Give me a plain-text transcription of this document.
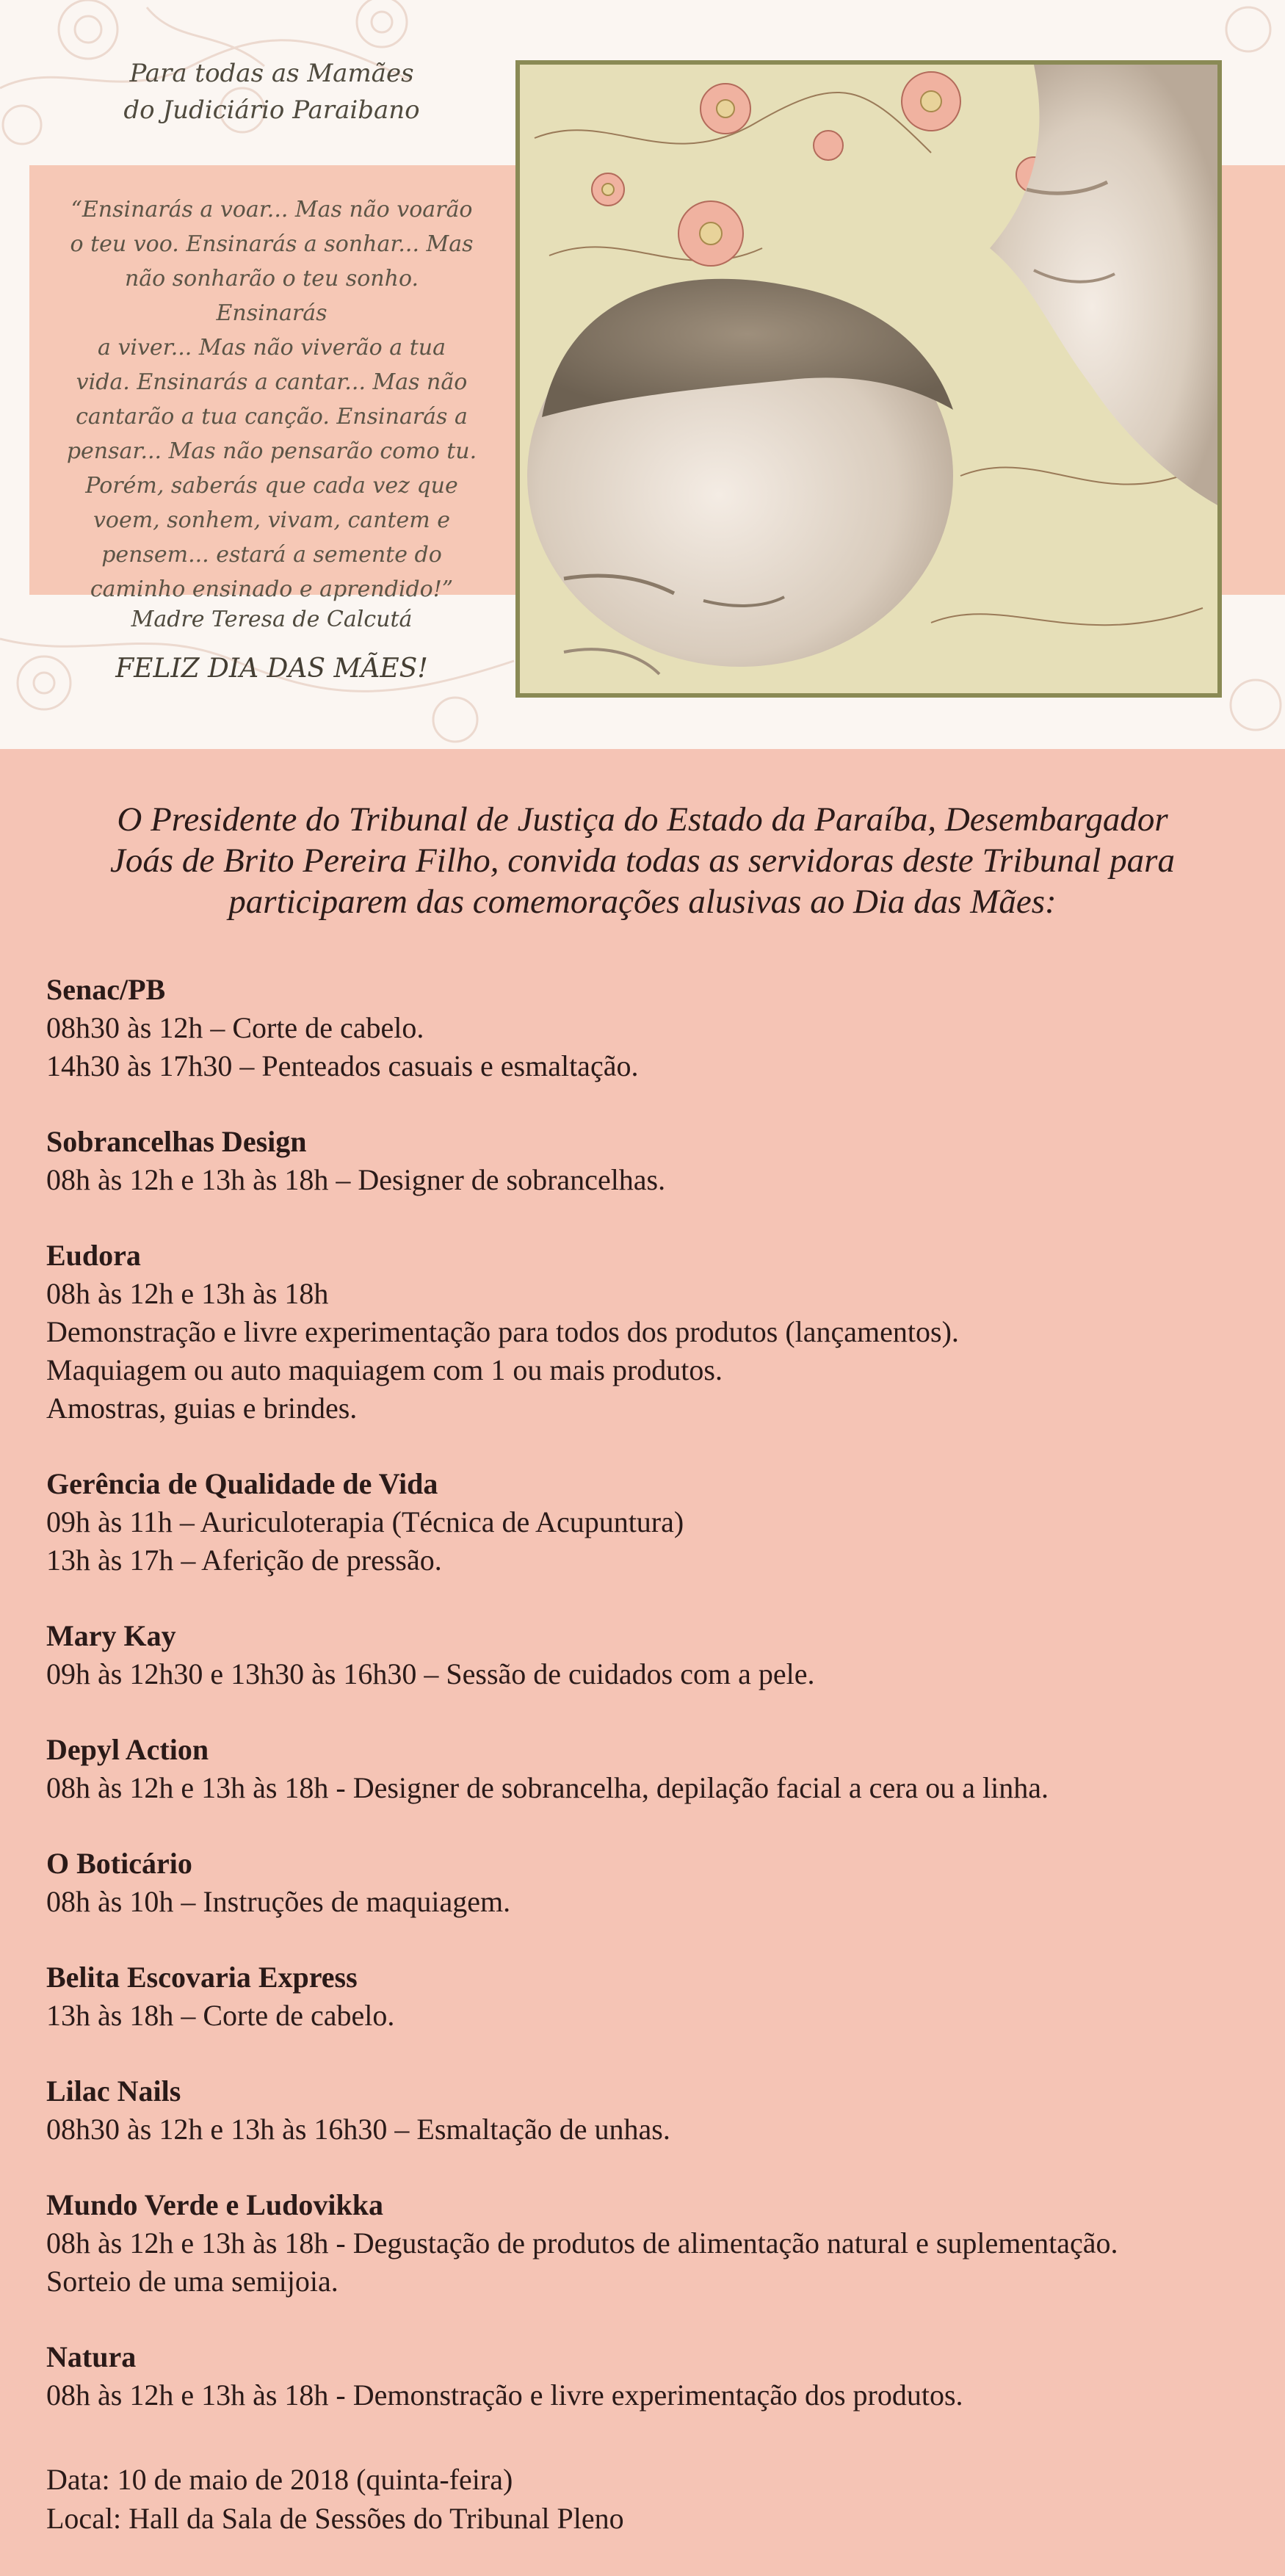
Para todas as Mamães
do Judiciário Paraibano
“Ensinarás a voar... Mas não voarão
o teu voo. Ensinarás a sonhar... Mas
não sonharão o teu sonho. Ensinarás
a viver... Mas não viverão a tua
vida. Ensinarás a cantar... Mas não
cantarão a tua canção. Ensinarás a
pensar... Mas não pensarão como tu.
Porém, saberás que cada vez que
voem, sonhem, vivam, cantem e
pensem... estará a semente do
caminho ensinado e aprendido!”
Madre Teresa de Calcutá
FELIZ DIA DAS MÃES!
O Presidente do Tribunal de Justiça do Estado da Paraíba, Desembargador
Joás de Brito Pereira Filho, convida todas as servidoras deste Tribunal para
participarem das comemorações alusivas ao Dia das Mães:
Senac/PB
08h30 às 12h – Corte de cabelo.
14h30 às 17h30 – Penteados casuais e esmaltação.
Sobrancelhas Design
08h às 12h e 13h às 18h – Designer de sobrancelhas.
Eudora
08h às 12h e 13h às 18h
Demonstração e livre experimentação para todos dos produtos (lançamentos).
Maquiagem ou auto maquiagem com 1 ou mais produtos.
Amostras, guias e brindes.
Gerência de Qualidade de Vida
09h às 11h – Auriculoterapia (Técnica de Acupuntura)
13h às 17h – Aferição de pressão.
Mary Kay
09h às 12h30 e 13h30 às 16h30 – Sessão de cuidados com a pele.
Depyl Action
08h às 12h e 13h às 18h - Designer de sobrancelha, depilação facial a cera ou a linha.
O Boticário
08h às 10h – Instruções de maquiagem.
Belita Escovaria Express
13h às 18h – Corte de cabelo.
Lilac Nails
08h30 às 12h e 13h às 16h30 – Esmaltação de unhas.
Mundo Verde e Ludovikka
08h às 12h e 13h às 18h - Degustação de produtos de alimentação natural e suplementação.
Sorteio de uma semijoia.
Natura
08h às 12h e 13h às 18h - Demonstração e livre experimentação dos produtos.
Data: 10 de maio de 2018 (quinta-feira)
Local: Hall da Sala de Sessões do Tribunal Pleno
